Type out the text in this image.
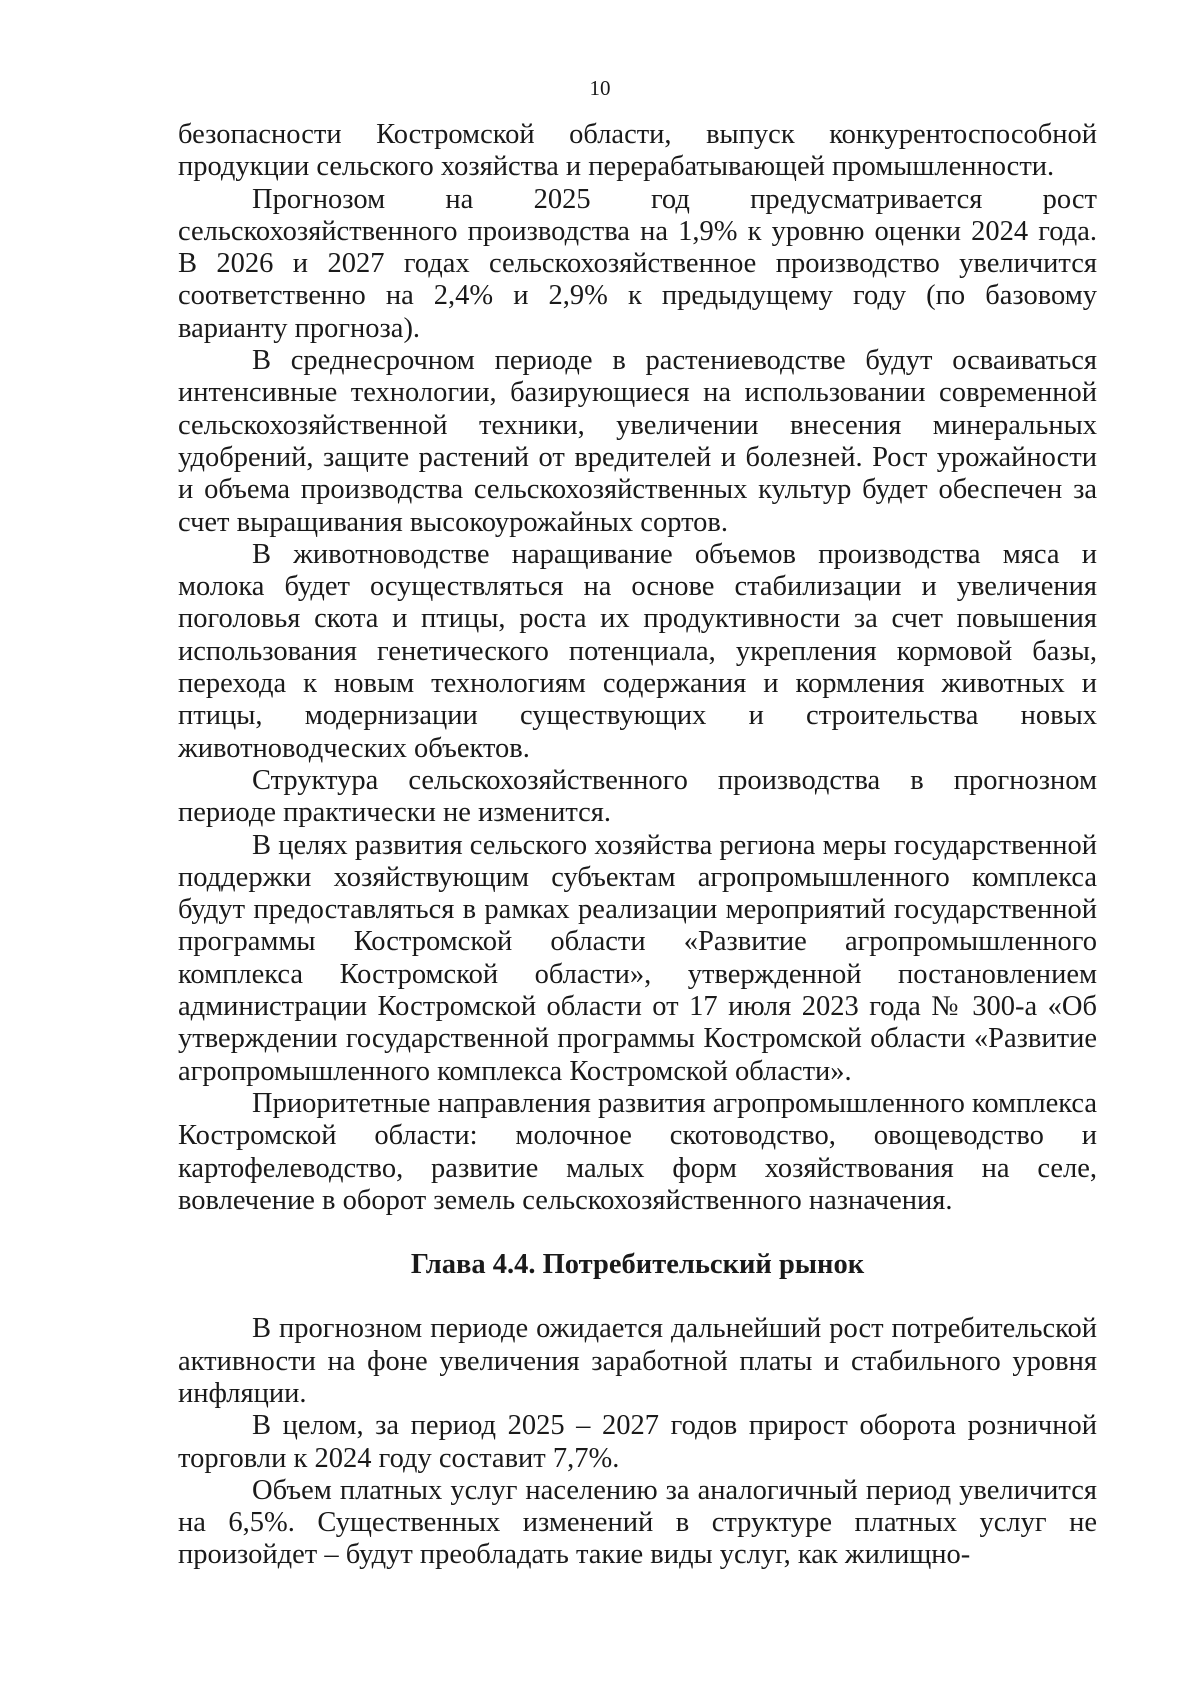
10

безопасности Костромской области, выпуск конкурентоспособной продукции сельского хозяйства и перерабатывающей промышленности.

Прогнозом на 2025 год предусматривается рост сельскохозяйственного производства на 1,9% к уровню оценки 2024 года. В 2026 и 2027 годах сельскохозяйственное производство увеличится соответственно на 2,4% и 2,9% к предыдущему году (по базовому варианту прогноза).

В среднесрочном периоде в растениеводстве будут осваиваться интенсивные технологии, базирующиеся на использовании современной сельскохозяйственной техники, увеличении внесения минеральных удобрений, защите растений от вредителей и болезней. Рост урожайности и объема производства сельскохозяйственных культур будет обеспечен за счет выращивания высокоурожайных сортов.

В животноводстве наращивание объемов производства мяса и молока будет осуществляться на основе стабилизации и увеличения поголовья скота и птицы, роста их продуктивности за счет повышения использования генетического потенциала, укрепления кормовой базы, перехода к новым технологиям содержания и кормления животных и птицы, модернизации существующих и строительства новых животноводческих объектов.

Структура сельскохозяйственного производства в прогнозном периоде практически не изменится.

В целях развития сельского хозяйства региона меры государственной поддержки хозяйствующим субъектам агропромышленного комплекса будут предоставляться в рамках реализации мероприятий государственной программы Костромской области «Развитие агропромышленного комплекса Костромской области», утвержденной постановлением администрации Костромской области от 17 июля 2023 года № 300-а «Об утверждении государственной программы Костромской области «Развитие агропромышленного комплекса Костромской области».

Приоритетные направления развития агропромышленного комплекса Костромской области: молочное скотоводство, овощеводство и картофелеводство, развитие малых форм хозяйствования на селе, вовлечение в оборот земель сельскохозяйственного назначения.

Глава 4.4. Потребительский рынок

В прогнозном периоде ожидается дальнейший рост потребительской активности на фоне увеличения заработной платы и стабильного уровня инфляции.

В целом, за период 2025 – 2027 годов прирост оборота розничной торговли к 2024 году составит 7,7%.

Объем платных услуг населению за аналогичный период увеличится на 6,5%. Существенных изменений в структуре платных услуг не произойдет – будут преобладать такие виды услуг, как жилищно-
